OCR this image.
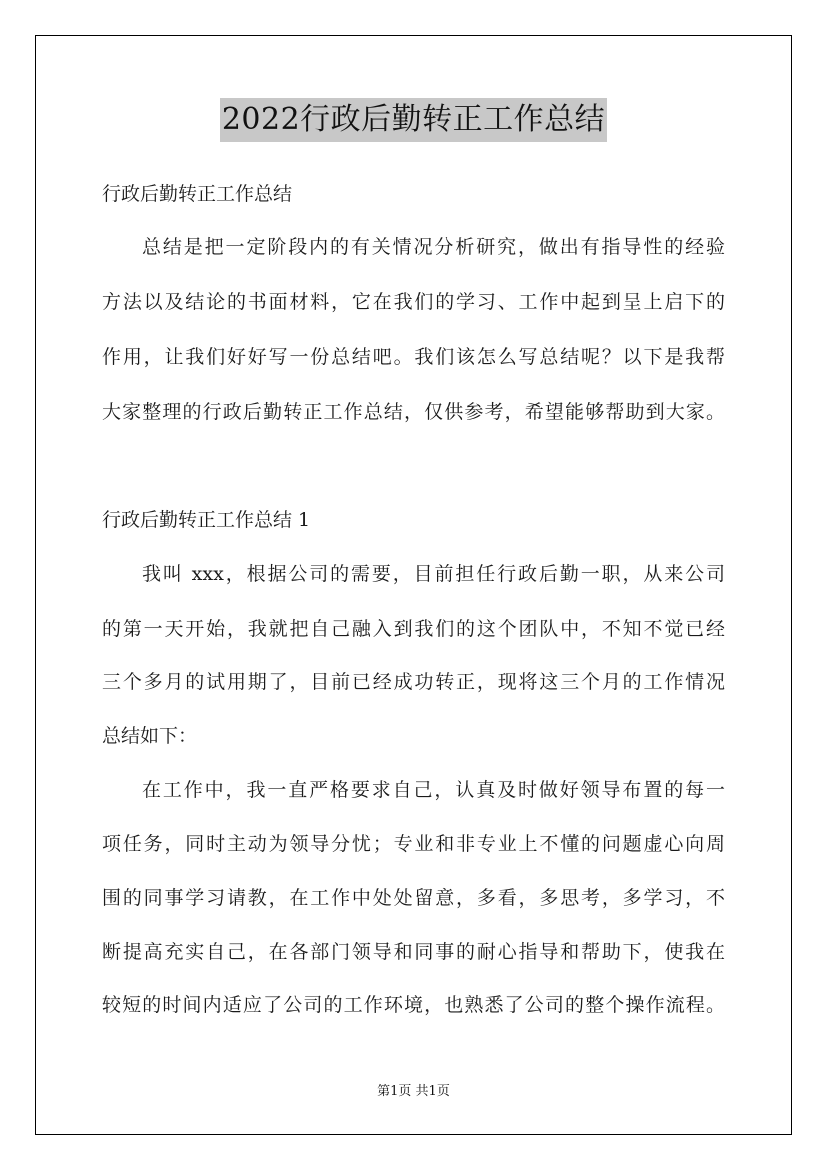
2022行政后勤转正工作总结
行政后勤转正工作总结
总结是把一定阶段内的有关情况分析研究，做出有指导性的经验
方法以及结论的书面材料，它在我们的学习、工作中起到呈上启下的
作用，让我们好好写一份总结吧。我们该怎么写总结呢？以下是我帮
大家整理的行政后勤转正工作总结，仅供参考，希望能够帮助到大家。
行政后勤转正工作总结 1
我叫 xxx，根据公司的需要，目前担任行政后勤一职，从来公司
的第一天开始，我就把自己融入到我们的这个团队中，不知不觉已经
三个多月的试用期了，目前已经成功转正，现将这三个月的工作情况
总结如下：
在工作中，我一直严格要求自己，认真及时做好领导布置的每一
项任务，同时主动为领导分忧；专业和非专业上不懂的问题虚心向周
围的同事学习请教，在工作中处处留意，多看，多思考，多学习，不
断提高充实自己，在各部门领导和同事的耐心指导和帮助下，使我在
较短的时间内适应了公司的工作环境，也熟悉了公司的整个操作流程。
第1页 共1页
